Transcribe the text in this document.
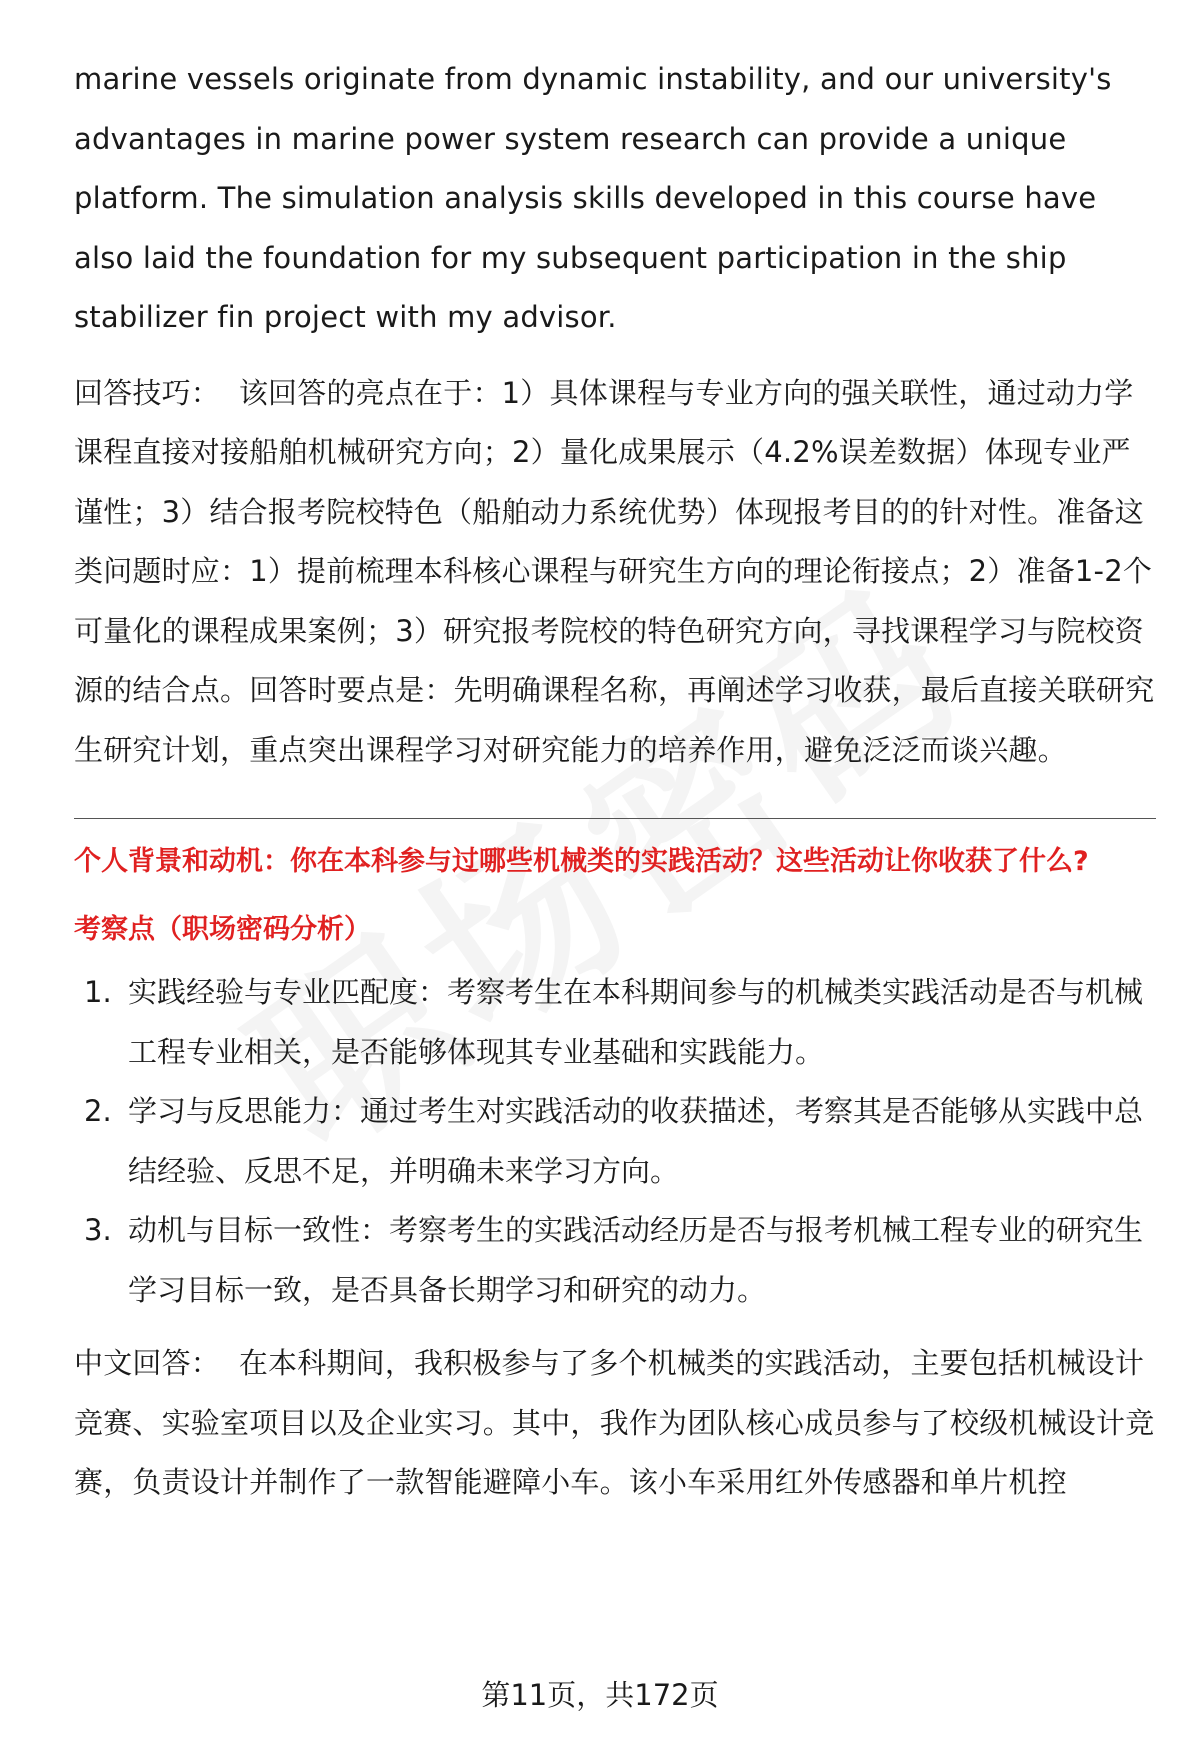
marine vessels originate from dynamic instability, and our university's advantages in marine power system research can provide a unique platform. The simulation analysis skills developed in this course have also laid the foundation for my subsequent participation in the ship stabilizer fin project with my advisor.

回答技巧： 该回答的亮点在于：1）具体课程与专业方向的强关联性，通过动力学课程直接对接船舶机械研究方向；2）量化成果展示（4.2%误差数据）体现专业严谨性；3）结合报考院校特色（船舶动力系统优势）体现报考目的的针对性。准备这类问题时应：1）提前梳理本科核心课程与研究生方向的理论衔接点；2）准备1-2个可量化的课程成果案例；3）研究报考院校的特色研究方向，寻找课程学习与院校资源的结合点。回答时要点是：先明确课程名称，再阐述学习收获，最后直接关联研究生研究计划，重点突出课程学习对研究能力的培养作用，避免泛泛而谈兴趣。

个人背景和动机：你在本科参与过哪些机械类的实践活动？这些活动让你收获了什么?

考察点（职场密码分析）

1. 实践经验与专业匹配度：考察考生在本科期间参与的机械类实践活动是否与机械工程专业相关，是否能够体现其专业基础和实践能力。
2. 学习与反思能力：通过考生对实践活动的收获描述，考察其是否能够从实践中总结经验、反思不足，并明确未来学习方向。
3. 动机与目标一致性：考察考生的实践活动经历是否与报考机械工程专业的研究生学习目标一致，是否具备长期学习和研究的动力。

中文回答： 在本科期间，我积极参与了多个机械类的实践活动，主要包括机械设计竞赛、实验室项目以及企业实习。其中，我作为团队核心成员参与了校级机械设计竞赛，负责设计并制作了一款智能避障小车。该小车采用红外传感器和单片机控

第11页，共172页
